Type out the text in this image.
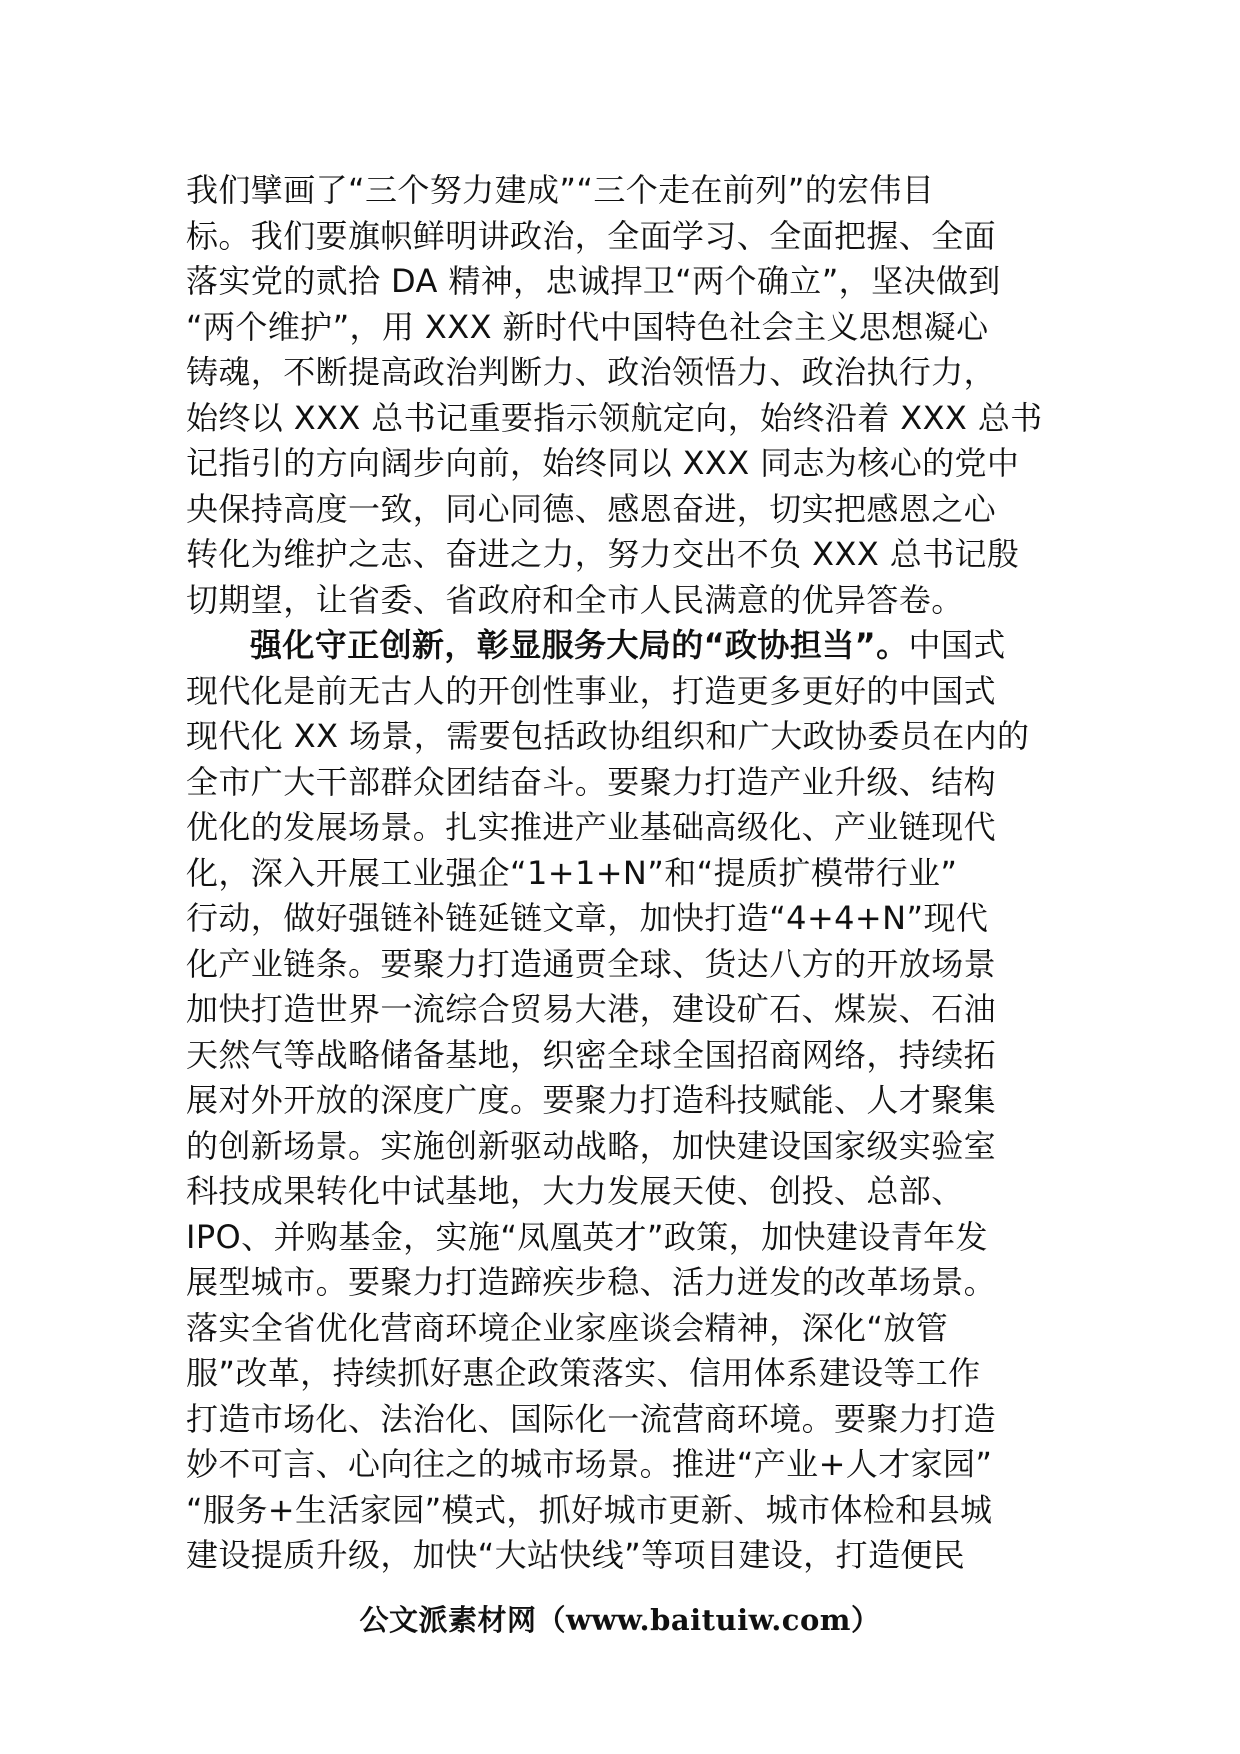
我们擘画了“三个努力建成”“三个走在前列”的宏伟目
标。我们要旗帜鲜明讲政治，全面学习、全面把握、全面
落实党的贰拾 DA 精神，忠诚捍卫“两个确立”，坚决做到
“两个维护”，用 XXX 新时代中国特色社会主义思想凝心
铸魂，不断提高政治判断力、政治领悟力、政治执行力，
始终以 XXX 总书记重要指示领航定向，始终沿着 XXX 总书
记指引的方向阔步向前，始终同以 XXX 同志为核心的党中
央保持高度一致，同心同德、感恩奋进，切实把感恩之心
转化为维护之志、奋进之力，努力交出不负 XXX 总书记殷
切期望，让省委、省政府和全市人民满意的优异答卷。
强化守正创新，彰显服务大局的“政协担当”。中国式
现代化是前无古人的开创性事业，打造更多更好的中国式
现代化 XX 场景，需要包括政协组织和广大政协委员在内的
全市广大干部群众团结奋斗。要聚力打造产业升级、结构
优化的发展场景。扎实推进产业基础高级化、产业链现代
化，深入开展工业强企“1+1+N”和“提质扩模带行业”
行动，做好强链补链延链文章，加快打造“4+4+N”现代
化产业链条。要聚力打造通贾全球、货达八方的开放场景
加快打造世界一流综合贸易大港，建设矿石、煤炭、石油
天然气等战略储备基地，织密全球全国招商网络，持续拓
展对外开放的深度广度。要聚力打造科技赋能、人才聚集
的创新场景。实施创新驱动战略，加快建设国家级实验室
科技成果转化中试基地，大力发展天使、创投、总部、
IPO、并购基金，实施“凤凰英才”政策，加快建设青年发
展型城市。要聚力打造蹄疾步稳、活力迸发的改革场景。
落实全省优化营商环境企业家座谈会精神，深化“放管
服”改革，持续抓好惠企政策落实、信用体系建设等工作
打造市场化、法治化、国际化一流营商环境。要聚力打造
妙不可言、心向往之的城市场景。推进“产业+人才家园”
“服务+生活家园”模式，抓好城市更新、城市体检和县城
建设提质升级，加快“大站快线”等项目建设，打造便民
公文派素材网（www.baituiw.com）
